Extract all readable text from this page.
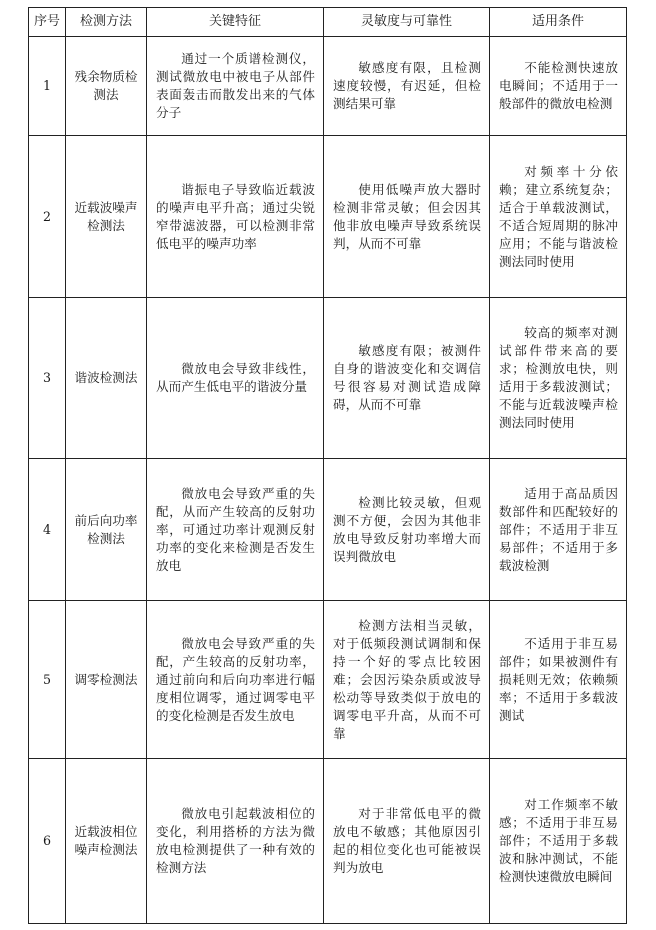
序号	检测方法	关键特征	灵敏度与可靠性	适用条件
1	残余物质检测法	通过一个质谱检测仪，测试微放电中被电子从部件表面轰击而散发出来的气体分子	敏感度有限，且检测速度较慢，有迟延，但检测结果可靠	不能检测快速放电瞬间；不适用于一般部件的微放电检测

2	近载波噪声检测法	谐振电子导致临近载波的噪声电平升高；通过尖锐窄带滤波器，可以检测非常低电平的噪声功率	使用低噪声放大器时检测非常灵敏；但会因其他非放电噪声导致系统误判，从而不可靠	对频率十分依赖；建立系统复杂；适合于单载波测试，不适合短周期的脉冲应用；不能与谐波检测法同时使用

3	谐波检测法	微放电会导致非线性，从而产生低电平的谐波分量	敏感度有限；被测件自身的谐波变化和交调信号很容易对测试造成障碍，从而不可靠	较高的频率对测试部件带来高的要求；检测放电快，则适用于多载波测试；不能与近载波噪声检测法同时使用

4	前后向功率检测法	微放电会导致严重的失配，从而产生较高的反射功率，可通过功率计观测反射功率的变化来检测是否发生放电	检测比较灵敏，但观测不方便，会因为其他非放电导致反射功率增大而误判微放电	适用于高品质因数部件和匹配较好的部件；不适用于非互易部件；不适用于多载波检测

5	调零检测法	微放电会导致严重的失配，产生较高的反射功率，通过前向和后向功率进行幅度相位调零，通过调零电平的变化检测是否发生放电	检测方法相当灵敏，对于低频段测试调制和保持一个好的零点比较困难；会因污染杂质或波导松动等导致类似于放电的调零电平升高，从而不可靠	不适用于非互易部件；如果被测件有损耗则无效；依赖频率；不适用于多载波测试

6	近载波相位噪声检测法	微放电引起载波相位的变化，利用搭桥的方法为微放电检测提供了一种有效的检测方法	对于非常低电平的微放电不敏感；其他原因引起的相位变化也可能被误判为放电	对工作频率不敏感；不适用于非互易部件；不适用于多载波和脉冲测试，不能检测快速微放电瞬间
